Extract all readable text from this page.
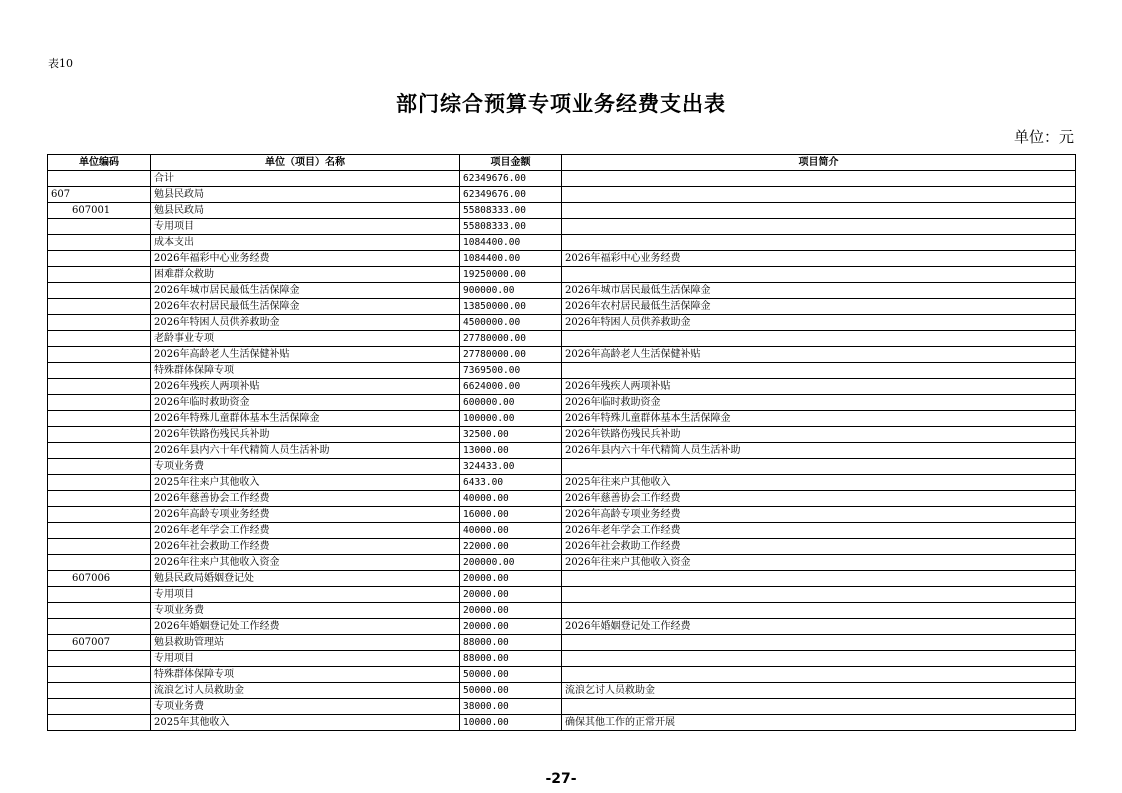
表10
部门综合预算专项业务经费支出表
单位：元
单位编码	单位（项目）名称	项目金额	项目简介
	合计	62349676.00	
607	勉县民政局	62349676.00	
607001	勉县民政局	55808333.00	
	专用项目	55808333.00	
	成本支出	1084400.00	
	2026年福彩中心业务经费	1084400.00	2026年福彩中心业务经费
	困难群众救助	19250000.00	
	2026年城市居民最低生活保障金	900000.00	2026年城市居民最低生活保障金
	2026年农村居民最低生活保障金	13850000.00	2026年农村居民最低生活保障金
	2026年特困人员供养救助金	4500000.00	2026年特困人员供养救助金
	老龄事业专项	27780000.00	
	2026年高龄老人生活保健补贴	27780000.00	2026年高龄老人生活保健补贴
	特殊群体保障专项	7369500.00	
	2026年残疾人两项补贴	6624000.00	2026年残疾人两项补贴
	2026年临时救助资金	600000.00	2026年临时救助资金
	2026年特殊儿童群体基本生活保障金	100000.00	2026年特殊儿童群体基本生活保障金
	2026年铁路伤残民兵补助	32500.00	2026年铁路伤残民兵补助
	2026年县内六十年代精简人员生活补助	13000.00	2026年县内六十年代精简人员生活补助
	专项业务费	324433.00	
	2025年往来户其他收入	6433.00	2025年往来户其他收入
	2026年慈善协会工作经费	40000.00	2026年慈善协会工作经费
	2026年高龄专项业务经费	16000.00	2026年高龄专项业务经费
	2026年老年学会工作经费	40000.00	2026年老年学会工作经费
	2026年社会救助工作经费	22000.00	2026年社会救助工作经费
	2026年往来户其他收入资金	200000.00	2026年往来户其他收入资金
607006	勉县民政局婚姻登记处	20000.00	
	专用项目	20000.00	
	专项业务费	20000.00	
	2026年婚姻登记处工作经费	20000.00	2026年婚姻登记处工作经费
607007	勉县救助管理站	88000.00	
	专用项目	88000.00	
	特殊群体保障专项	50000.00	
	流浪乞讨人员救助金	50000.00	流浪乞讨人员救助金
	专项业务费	38000.00	
	2025年其他收入	10000.00	确保其他工作的正常开展
-27-
